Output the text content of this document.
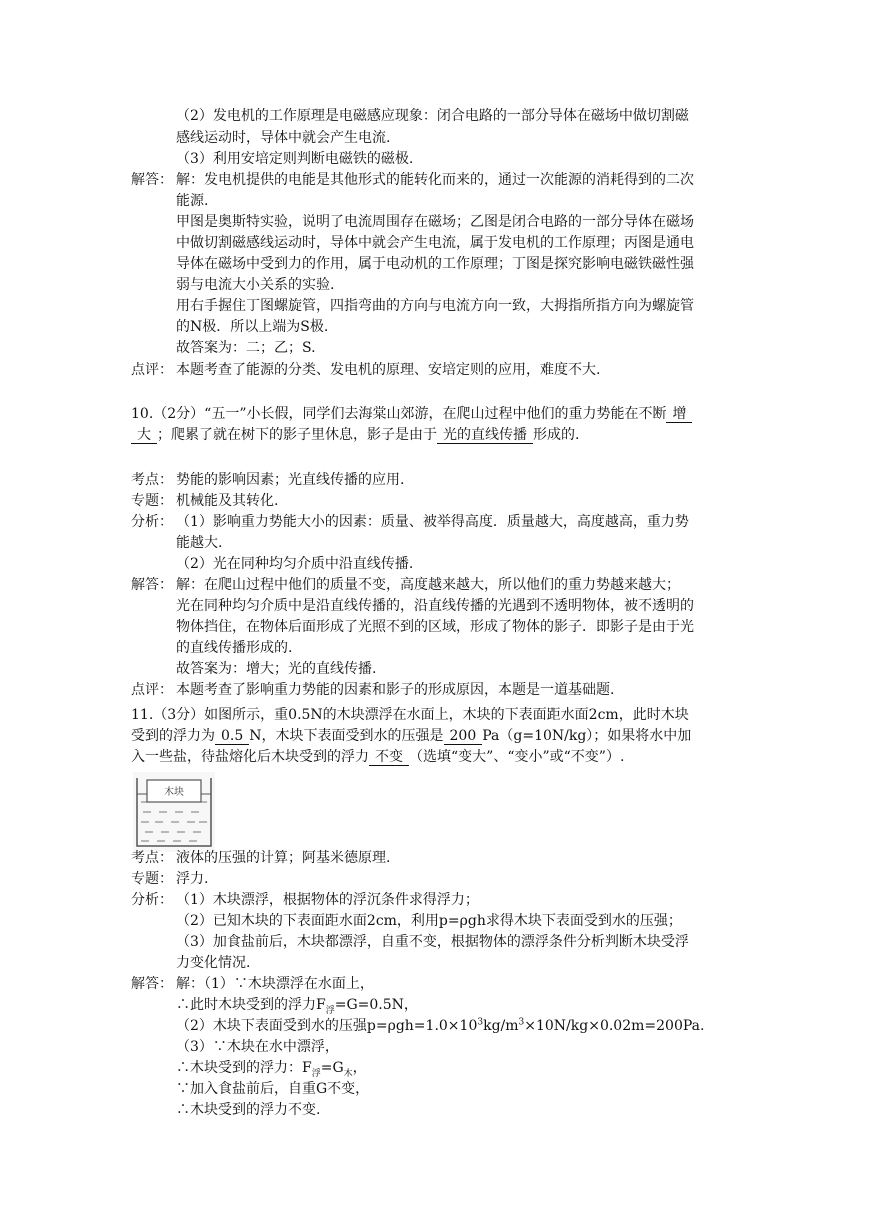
（2）发电机的工作原理是电磁感应现象：闭合电路的一部分导体在磁场中做切割磁
感线运动时，导体中就会产生电流.
（3）利用安培定则判断电磁铁的磁极.
解答： 解：发电机提供的电能是其他形式的能转化而来的，通过一次能源的消耗得到的二次
能源.
甲图是奥斯特实验，说明了电流周围存在磁场；乙图是闭合电路的一部分导体在磁场
中做切割磁感线运动时，导体中就会产生电流，属于发电机的工作原理；丙图是通电
导体在磁场中受到力的作用，属于电动机的工作原理；丁图是探究影响电磁铁磁性强
弱与电流大小关系的实验.
用右手握住丁图螺旋管，四指弯曲的方向与电流方向一致，大拇指所指方向为螺旋管
的N极．所以上端为S极.
故答案为：二；乙；S.
点评： 本题考查了能源的分类、发电机的原理、安培定则的应用，难度不大.
10.（2分）“五一”小长假，同学们去海棠山郊游，在爬山过程中他们的重力势能在不断 增
大 ；爬累了就在树下的影子里休息，影子是由于 光的直线传播 形成的.
考点： 势能的影响因素；光直线传播的应用.
专题： 机械能及其转化.
分析： （1）影响重力势能大小的因素：质量、被举得高度．质量越大，高度越高，重力势
能越大.
（2）光在同种均匀介质中沿直线传播.
解答： 解：在爬山过程中他们的质量不变，高度越来越大，所以他们的重力势越来越大；
光在同种均匀介质中是沿直线传播的，沿直线传播的光遇到不透明物体，被不透明的
物体挡住，在物体后面形成了光照不到的区域，形成了物体的影子．即影子是由于光
的直线传播形成的.
故答案为：增大；光的直线传播.
点评： 本题考查了影响重力势能的因素和影子的形成原因，本题是一道基础题.
11.（3分）如图所示，重0.5N的木块漂浮在水面上，木块的下表面距水面2cm，此时木块
受到的浮力为 0.5 N，木块下表面受到水的压强是 200 Pa（g=10N/kg）；如果将水中加
入一些盐，待盐熔化后木块受到的浮力 不变 （选填“变大”、“变小”或“不变”）.
木块
考点： 液体的压强的计算；阿基米德原理.
专题： 浮力.
分析： （1）木块漂浮，根据物体的浮沉条件求得浮力；
（2）已知木块的下表面距水面2cm，利用p=ρgh求得木块下表面受到水的压强；
（3）加食盐前后，木块都漂浮，自重不变，根据物体的漂浮条件分析判断木块受浮
力变化情况.
解答： 解：（1）∵木块漂浮在水面上，
∴此时木块受到的浮力$F_浮=G=0.5N$，
（2）木块下表面受到水的压强$p=\rho gh=1.0\times 10^3kg/m^3\times 10N/kg\times 0.02m=200Pa$.
（3）∵木块在水中漂浮，
∴木块受到的浮力：$F_浮=G_木$，
∵加入食盐前后，自重G不变，
∴木块受到的浮力不变.
